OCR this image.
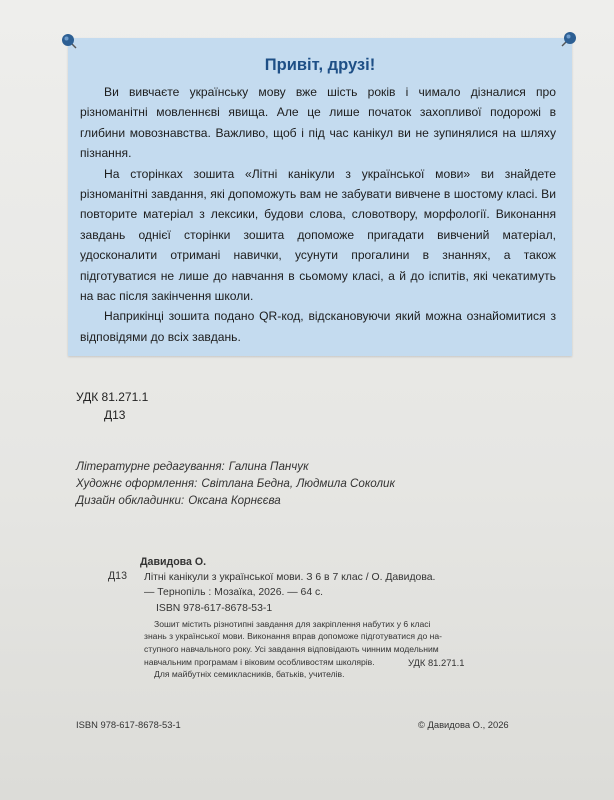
Привіт, друзі!

Ви вивчаєте українську мову вже шість років і чимало дізналися про різноманітні мовленнєві явища. Але це лише початок захопливої подорожі в глибини мовознавства. Важливо, щоб і під час канікул ви не зупинялися на шляху пізнання.

На сторінках зошита «Літні канікули з української мови» ви знайдете різноманітні завдання, які допоможуть вам не забувати вивчене в шостому класі. Ви повторите матеріал з лексики, будови слова, словотвору, морфології. Виконання завдань однієї сторінки зошита допоможе пригадати вивчений матеріал, удосконалити отримані навички, усунути прогалини в знаннях, а також підготуватися не лише до навчання в сьомому класі, а й до іспитів, які чекатимуть на вас після закінчення школи.

Наприкінці зошита подано QR-код, відскановуючи який можна ознайомитися з відповідями до всіх завдань.

УДК 81.271.1
Д13
Літературне редагування: Галина Панчук
Художнє оформлення: Світлана Бедна, Людмила Соколик
Дизайн обкладинки: Оксана Корнєєва
Д13
Давидова О.
Літні канікули з української мови. З 6 в 7 клас / О. Давидова.
— Тернопіль : Мозаїка, 2026. — 64 с.
ISBN 978-617-8678-53-1
Зошит містить різнотипні завдання для закріплення набутих у 6 класі
знань з української мови. Виконання вправ допоможе підготуватися до на-
ступного навчального року. Усі завдання відповідають чинним модельним
навчальним програмам і віковим особливостям школярів.
Для майбутніх семикласників, батьків, учителів.
УДК 81.271.1
ISBN 978-617-8678-53-1	© Давидова О., 2026
